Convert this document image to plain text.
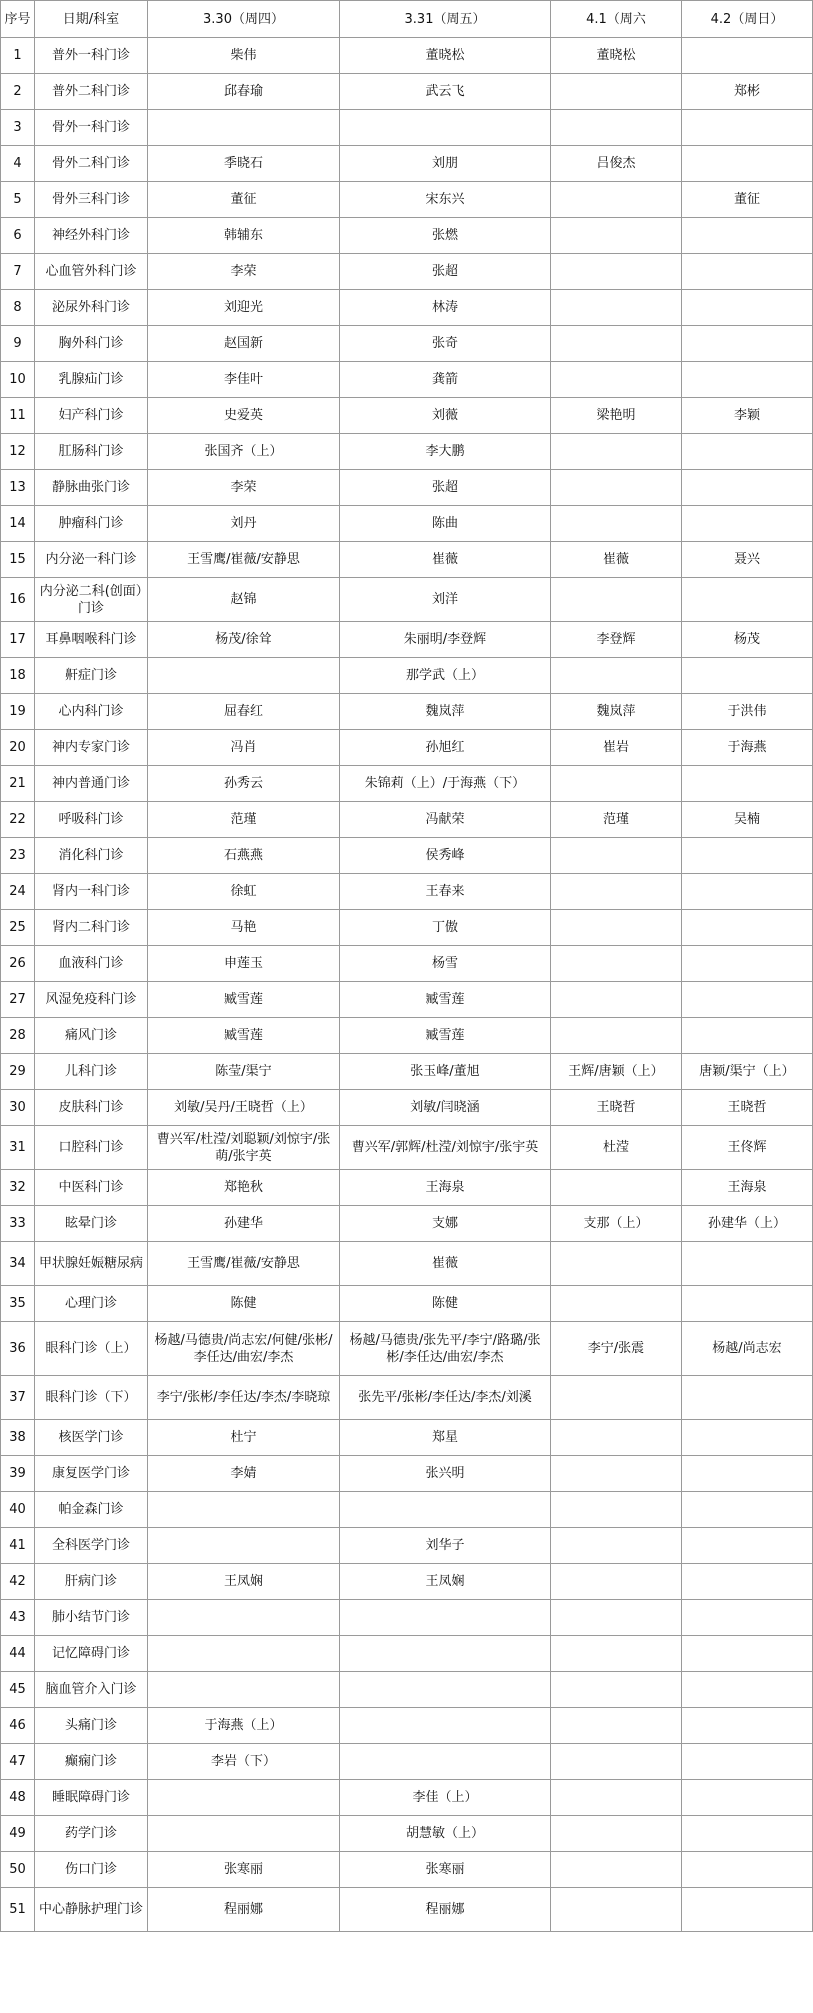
序号	日期/科室	3.30（周四）	3.31（周五）	4.1（周六	4.2（周日）
1	普外一科门诊	柴伟	董晓松	董晓松	
2	普外二科门诊	邱春瑜	武云飞		郑彬
3	骨外一科门诊				
4	骨外二科门诊	季晓石	刘朋	吕俊杰	
5	骨外三科门诊	董征	宋东兴		董征
6	神经外科门诊	韩辅东	张燃		
7	心血管外科门诊	李荣	张超		
8	泌尿外科门诊	刘迎光	林涛		
9	胸外科门诊	赵国新	张奇		
10	乳腺疝门诊	李佳叶	龚箭		
11	妇产科门诊	史爱英	刘薇	梁艳明	李颖
12	肛肠科门诊	张国齐（上）	李大鹏		
13	静脉曲张门诊	李荣	张超		
14	肿瘤科门诊	刘丹	陈曲		
15	内分泌一科门诊	王雪鹰/崔薇/安静思	崔薇	崔薇	聂兴
16	内分泌二科(创面）门诊	赵锦	刘洋		
17	耳鼻咽喉科门诊	杨茂/徐耸	朱丽明/李登辉	李登辉	杨茂
18	鼾症门诊		那学武（上）		
19	心内科门诊	屈春红	魏岚萍	魏岚萍	于洪伟
20	神内专家门诊	冯肖	孙旭红	崔岩	于海燕
21	神内普通门诊	孙秀云	朱锦莉（上）/于海燕（下）		
22	呼吸科门诊	范瑾	冯献荣	范瑾	吴楠
23	消化科门诊	石燕燕	侯秀峰		
24	肾内一科门诊	徐虹	王春来		
25	肾内二科门诊	马艳	丁傲		
26	血液科门诊	申莲玉	杨雪		
27	风湿免疫科门诊	臧雪莲	臧雪莲		
28	痛风门诊	臧雪莲	臧雪莲		
29	儿科门诊	陈莹/渠宁	张玉峰/董旭	王辉/唐颖（上）	唐颖/渠宁（上）
30	皮肤科门诊	刘敏/吴丹/王晓哲（上）	刘敏/闫晓涵	王晓哲	王晓哲
31	口腔科门诊	曹兴军/杜滢/刘聪颖/刘惊宇/张萌/张宇英	曹兴军/郭辉/杜滢/刘惊宇/张宇英	杜滢	王佟辉
32	中医科门诊	郑艳秋	王海泉		王海泉
33	眩晕门诊	孙建华	支娜	支那（上）	孙建华（上）
34	甲状腺妊娠糖尿病	王雪鹰/崔薇/安静思	崔薇		
35	心理门诊	陈健	陈健		
36	眼科门诊（上）	杨越/马德贵/尚志宏/何健/张彬/李任达/曲宏/李杰	杨越/马德贵/张先平/李宁/路璐/张彬/李任达/曲宏/李杰	李宁/张震	杨越/尚志宏
37	眼科门诊（下）	李宁/张彬/李任达/李杰/李晓琼	张先平/张彬/李任达/李杰/刘溪		
38	核医学门诊	杜宁	郑星		
39	康复医学门诊	李婧	张兴明		
40	帕金森门诊				
41	全科医学门诊		刘华子		
42	肝病门诊	王凤娴	王凤娴		
43	肺小结节门诊				
44	记忆障碍门诊				
45	脑血管介入门诊				
46	头痛门诊	于海燕（上）			
47	癫痫门诊	李岩（下）			
48	睡眠障碍门诊		李佳（上）		
49	药学门诊		胡慧敏（上）		
50	伤口门诊	张寒丽	张寒丽		
51	中心静脉护理门诊	程丽娜	程丽娜		
